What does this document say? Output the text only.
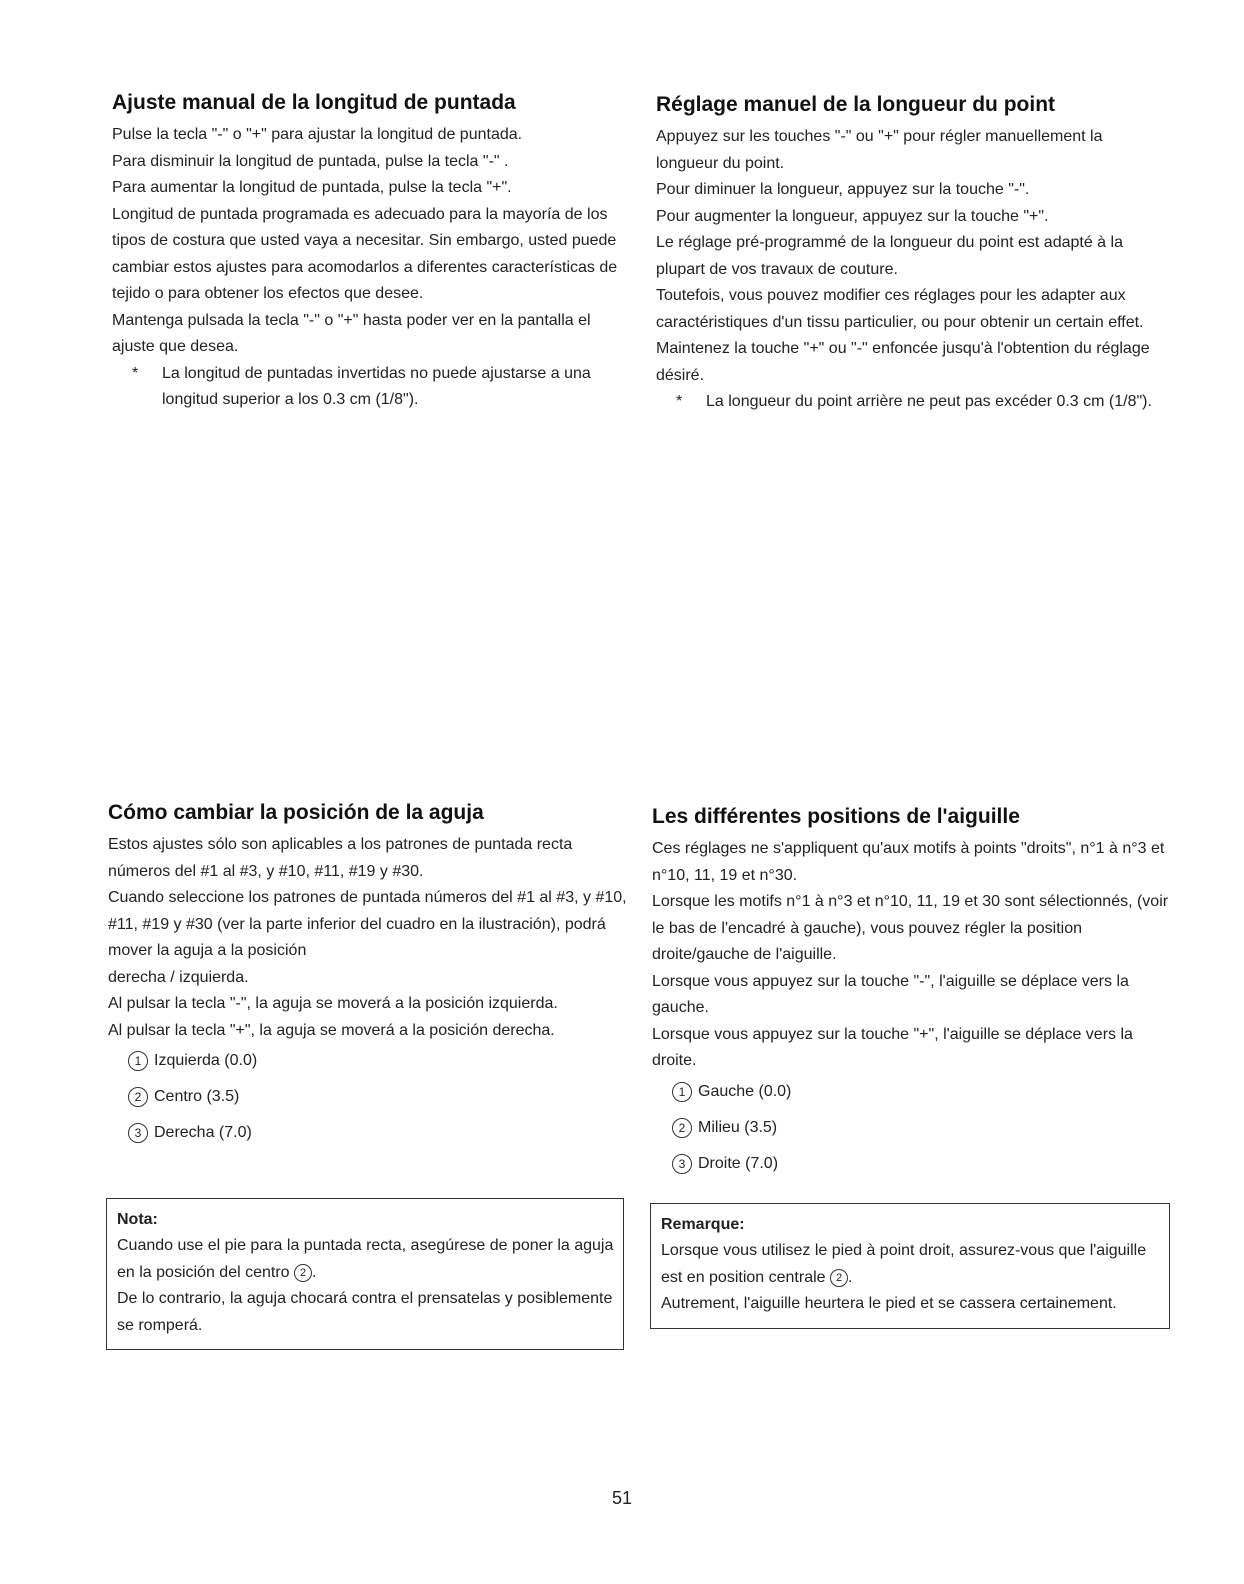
Ajuste manual de la longitud de puntada

Pulse la tecla "-" o "+" para ajustar la longitud de puntada.

Para disminuir la longitud de puntada, pulse la tecla "-" .

Para aumentar la longitud de puntada, pulse la tecla "+".

Longitud de puntada programada es adecuado para la mayoría de los tipos de costura que usted vaya a necesitar. Sin embargo, usted puede cambiar estos ajustes para acomodarlos a diferentes características de tejido o para obtener los efectos que desee.

Mantenga pulsada la tecla "-" o "+" hasta poder ver en la pantalla el ajuste que desea.

* La longitud de puntadas invertidas no puede ajustarse a una longitud superior a los 0.3 cm (1/8").

Réglage manuel de la longueur du point

Appuyez sur les touches "-" ou "+" pour régler manuellement la longueur du point.

Pour diminuer la longueur, appuyez sur la touche "-".

Pour augmenter la longueur, appuyez sur la touche "+".

Le réglage pré-programmé de la longueur du point est adapté à la plupart de vos travaux de couture.

Toutefois, vous pouvez modifier ces réglages pour les adapter aux caractéristiques d'un tissu particulier, ou pour obtenir un certain effet.

Maintenez la touche "+" ou "-" enfoncée jusqu'à l'obtention du réglage désiré.

* La longueur du point arrière ne peut pas excéder 0.3 cm (1/8").

Cómo cambiar la posición de la aguja

Estos ajustes sólo son aplicables a los patrones de puntada recta números del #1 al #3, y #10, #11, #19 y #30.

Cuando seleccione los patrones de puntada números del #1 al #3, y #10, #11, #19 y #30 (ver la parte inferior del cuadro en la ilustración), podrá mover la aguja a la posición

derecha / izquierda.

Al pulsar la tecla "-", la aguja se moverá a la posición izquierda.

Al pulsar la tecla "+", la aguja se moverá a la posición derecha.

1 Izquierda (0.0)
2 Centro (3.5)
3 Derecha (7.0)
Les différentes positions de l'aiguille

Ces réglages ne s'appliquent qu'aux motifs à points "droits", n°1 à n°3 et n°10, 11, 19 et n°30.

Lorsque les motifs n°1 à n°3 et n°10, 11, 19 et 30 sont sélectionnés, (voir le bas de l'encadré à gauche), vous pouvez régler la position droite/gauche de l'aiguille.

Lorsque vous appuyez sur la touche "-", l'aiguille se déplace vers la gauche.

Lorsque vous appuyez sur la touche "+", l'aiguille se déplace vers la droite.

1 Gauche (0.0)
2 Milieu (3.5)
3 Droite (7.0)

Nota:

Cuando use el pie para la puntada recta, asegúrese de poner la aguja en la posición del centro 2 .

De lo contrario, la aguja chocará contra el prensatelas y posiblemente se romperá.

Remarque:

Lorsque vous utilisez le pied à point droit, assurez-vous que l'aiguille est en position centrale 2 .

Autrement, l'aiguille heurtera le pied et se cassera certainement.

51
